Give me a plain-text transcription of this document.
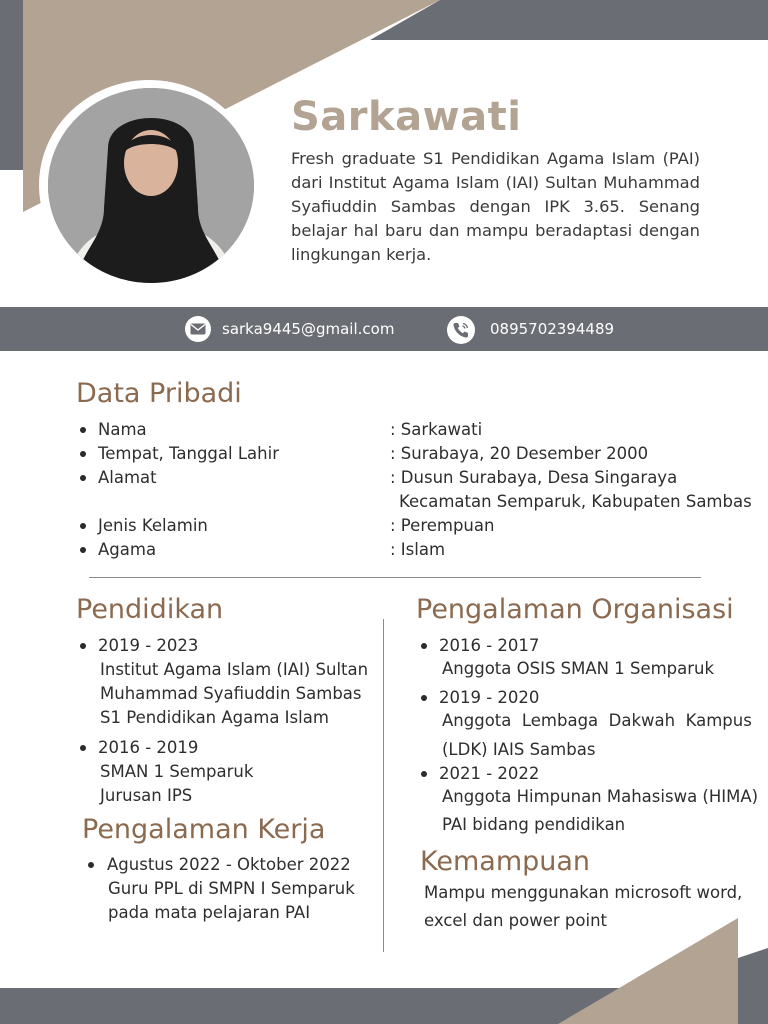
Sarkawati
Fresh graduate S1 Pendidikan Agama Islam (PAI) dari Institut Agama Islam (IAI) Sultan Muhammad Syafiuddin Sambas dengan IPK 3.65. Senang belajar hal baru dan mampu beradaptasi dengan lingkungan kerja.
sarka9445@gmail.com	0895702394489
Data Pribadi
Nama	: Sarkawati
Tempat, Tanggal Lahir	: Surabaya, 20 Desember 2000
Alamat	: Dusun Surabaya, Desa Singaraya
Kecamatan Semparuk, Kabupaten Sambas
Jenis Kelamin	: Perempuan
Agama	: Islam
Pendidikan
2019 - 2023
Institut Agama Islam (IAI) Sultan
Muhammad Syafiuddin Sambas
S1 Pendidikan Agama Islam
2016 - 2019
SMAN 1 Semparuk
Jurusan IPS
Pengalaman Kerja
Agustus 2022 - Oktober 2022
Guru PPL di SMPN I Semparuk
pada mata pelajaran PAI
Pengalaman Organisasi
2016 - 2017
Anggota OSIS SMAN 1 Semparuk
2019 - 2020
Anggota  Lembaga  Dakwah  Kampus
(LDK) IAIS Sambas
2021 - 2022
Anggota Himpunan Mahasiswa (HIMA)
PAI bidang pendidikan
Kemampuan
Mampu menggunakan microsoft word,
excel dan power point
